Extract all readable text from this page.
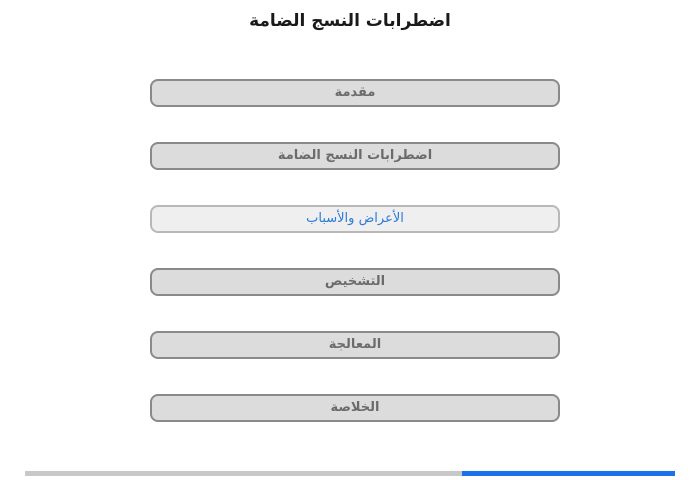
اضطرابات النسج الضامة
مقدمة
اضطرابات النسج الضامة
الأعراض والأسباب
التشخيص
المعالجة
الخلاصة
